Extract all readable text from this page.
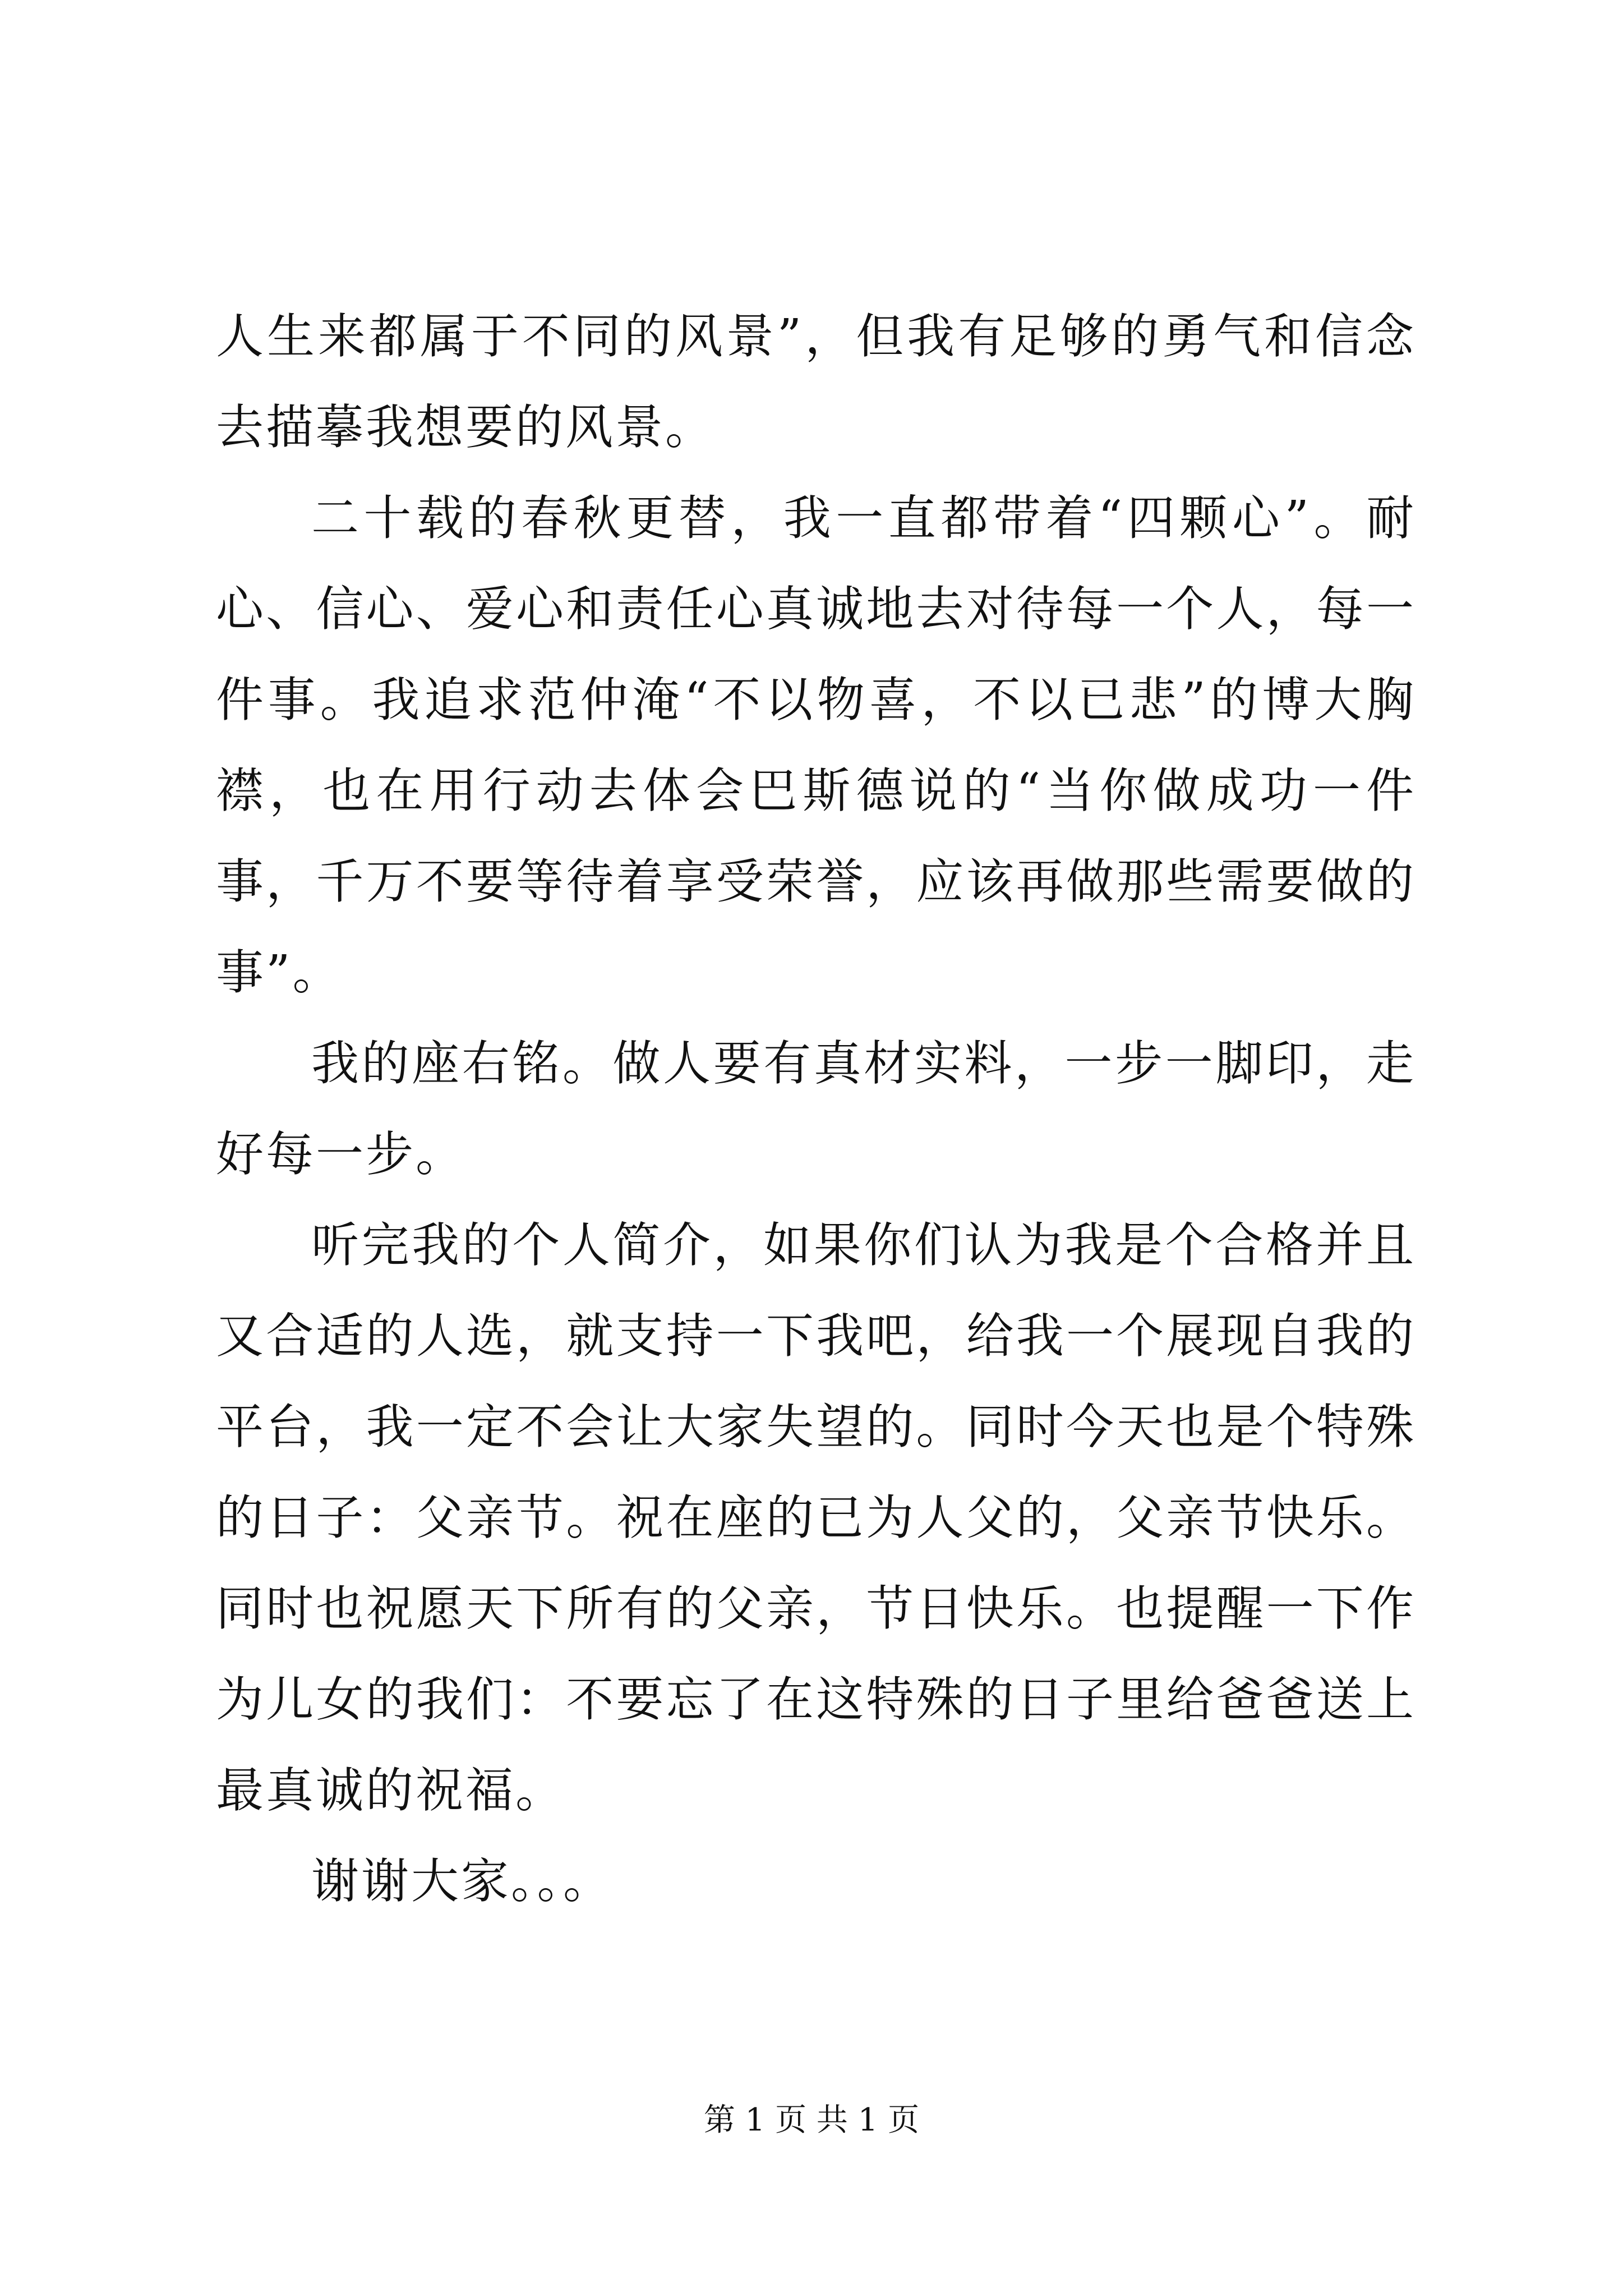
人生来都属于不同的风景”，但我有足够的勇气和信念去描摹我想要的风景。

二十载的春秋更替，我一直都带着“四颗心”。耐心、信心、爱心和责任心真诚地去对待每一个人，每一件事。我追求范仲淹“不以物喜，不以已悲”的博大胸襟，也在用行动去体会巴斯德说的“当你做成功一件事，千万不要等待着享受荣誉，应该再做那些需要做的事”。

我的座右铭。做人要有真材实料，一步一脚印，走好每一步。

听完我的个人简介，如果你们认为我是个合格并且又合适的人选，就支持一下我吧，给我一个展现自我的平台，我一定不会让大家失望的。同时今天也是个特殊的日子：父亲节。祝在座的已为人父的，父亲节快乐。同时也祝愿天下所有的父亲，节日快乐。也提醒一下作为儿女的我们：不要忘了在这特殊的日子里给爸爸送上最真诚的祝福。

谢谢大家。。。

第 1 页 共 1 页
